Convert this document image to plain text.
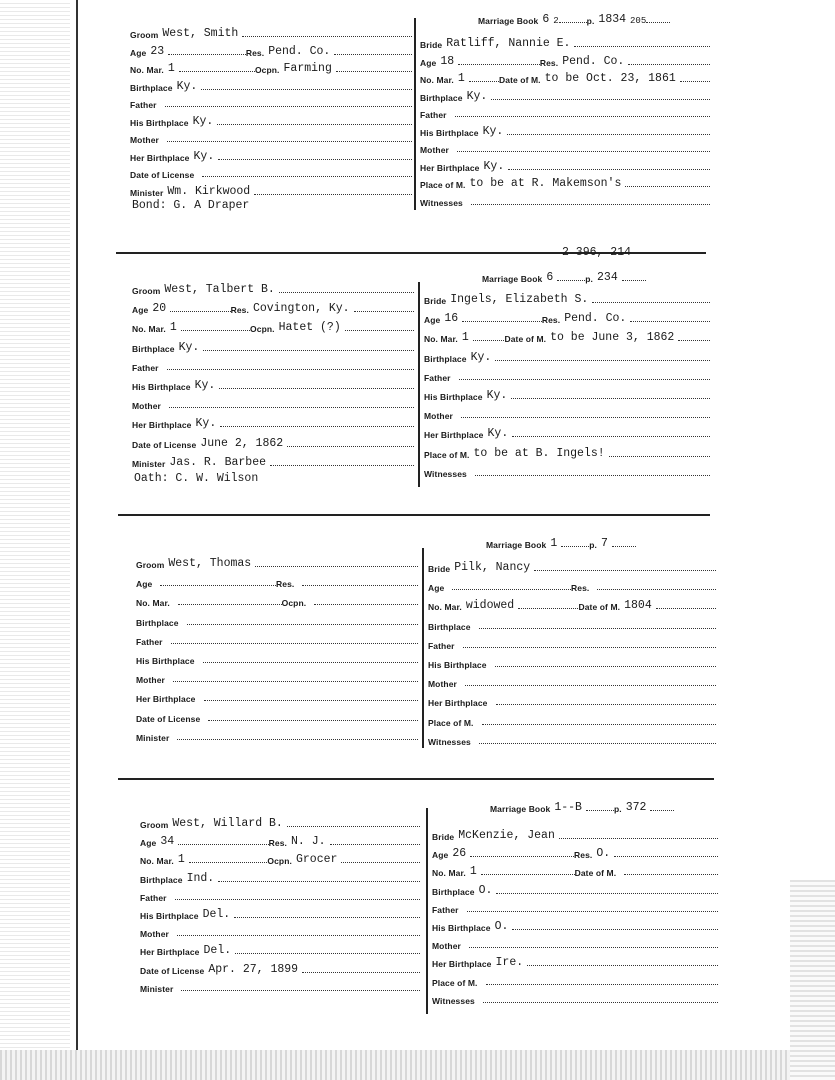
Marriage Book 6 2	p. 1834 205
Groom West, Smith
Age 23	Res. Pend. Co.
No. Mar. 1	Ocpn. Farming
Birthplace Ky.
Father
His Birthplace Ky.
Mother
Her Birthplace Ky.
Date of License
Minister Wm. Kirkwood
Bond: G. A Draper
Bride Ratliff, Nannie E.
Age 18	Res. Pend. Co.
No. Mar. 1	Date of M. to be Oct. 23, 1861
Birthplace Ky.
Father
His Birthplace Ky.
Mother
Her Birthplace Ky.
Place of M. to be at R. Makemson's
Witnesses
2 396, 214
Marriage Book 6	p. 234
Groom West, Talbert B.
Age 20	Res. Covington, Ky.
No. Mar. 1	Ocpn. Hatet (?)
Birthplace Ky.
Father
His Birthplace Ky.
Mother
Her Birthplace Ky.
Date of License June 2, 1862
Minister Jas. R. Barbee
Oath: C. W. Wilson
Bride Ingels, Elizabeth S.
Age 16	Res. Pend. Co.
No. Mar. 1	Date of M. to be June 3, 1862
Birthplace Ky.
Father
His Birthplace Ky.
Mother
Her Birthplace Ky.
Place of M. to be at B. Ingels!
Witnesses
Marriage Book 1	p. 7
Groom West, Thomas
Age	Res.
No. Mar.	Ocpn.
Birthplace
Father
His Birthplace
Mother
Her Birthplace
Date of License
Minister
Bride Pilk, Nancy
Age	Res.
No. Mar. widowed	Date of M. 1804
Birthplace
Father
His Birthplace
Mother
Her Birthplace
Place of M.
Witnesses
Marriage Book 1--B	p. 372
Groom West, Willard B.
Age 34	Res. N. J.
No. Mar. 1	Ocpn. Grocer
Birthplace Ind.
Father
His Birthplace Del.
Mother
Her Birthplace Del.
Date of License Apr. 27, 1899
Minister
Bride McKenzie, Jean
Age 26	Res. O.
No. Mar. 1	Date of M.
Birthplace O.
Father
His Birthplace O.
Mother
Her Birthplace Ire.
Place of M.
Witnesses
